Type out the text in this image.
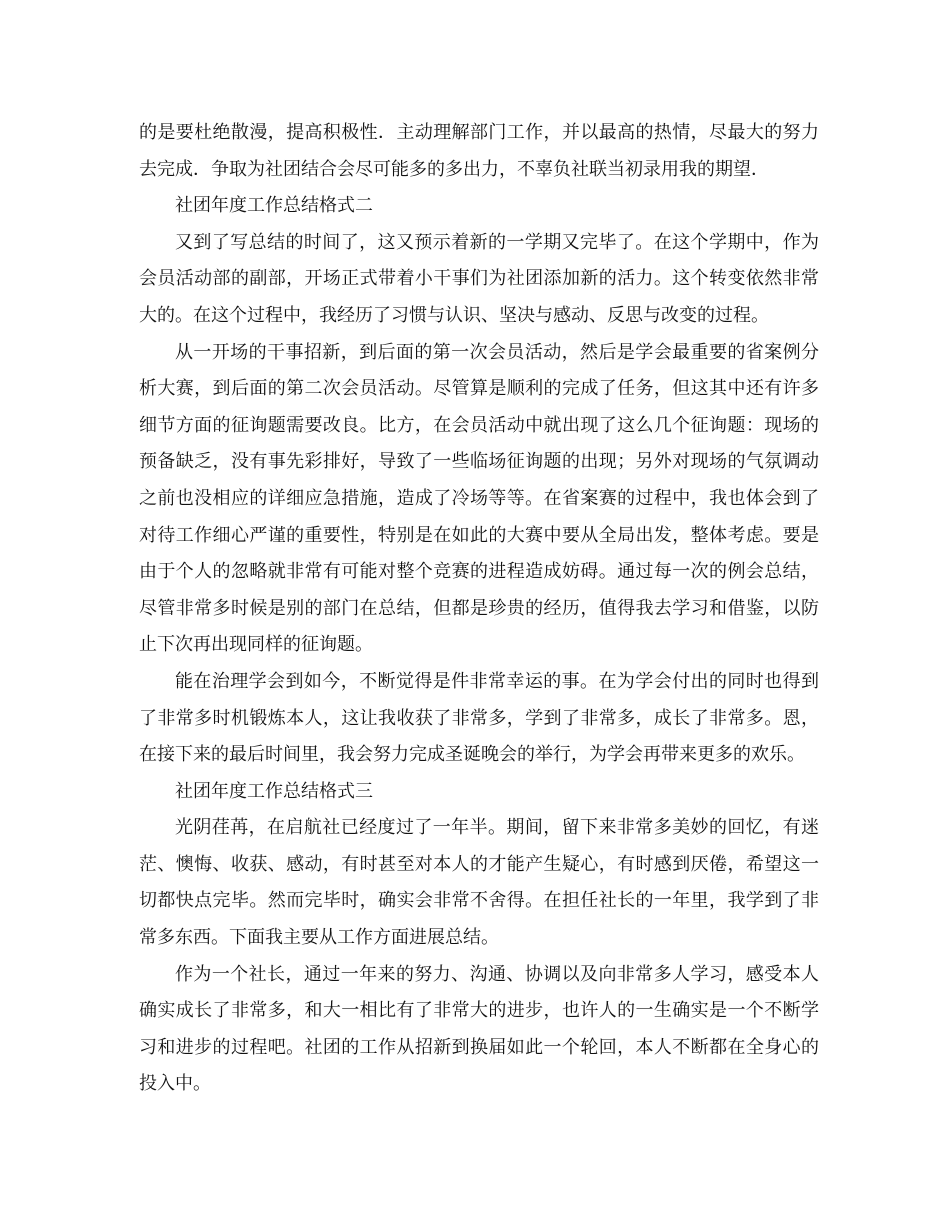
的是要杜绝散漫，提高积极性．主动理解部门工作，并以最高的热情，尽最大的努力去完成．争取为社团结合会尽可能多的多出力，不辜负社联当初录用我的期望．

社团年度工作总结格式二

又到了写总结的时间了，这又预示着新的一学期又完毕了。在这个学期中，作为会员活动部的副部，开场正式带着小干事们为社团添加新的活力。这个转变依然非常大的。在这个过程中，我经历了习惯与认识、坚决与感动、反思与改变的过程。

从一开场的干事招新，到后面的第一次会员活动，然后是学会最重要的省案例分析大赛，到后面的第二次会员活动。尽管算是顺利的完成了任务，但这其中还有许多细节方面的征询题需要改良。比方，在会员活动中就出现了这么几个征询题：现场的预备缺乏，没有事先彩排好，导致了一些临场征询题的出现；另外对现场的气氛调动之前也没相应的详细应急措施，造成了冷场等等。在省案赛的过程中，我也体会到了对待工作细心严谨的重要性，特别是在如此的大赛中要从全局出发，整体考虑。要是由于个人的忽略就非常有可能对整个竞赛的进程造成妨碍。通过每一次的例会总结，尽管非常多时候是别的部门在总结，但都是珍贵的经历，值得我去学习和借鉴，以防止下次再出现同样的征询题。

能在治理学会到如今，不断觉得是件非常幸运的事。在为学会付出的同时也得到了非常多时机锻炼本人，这让我收获了非常多，学到了非常多，成长了非常多。恩，在接下来的最后时间里，我会努力完成圣诞晚会的举行，为学会再带来更多的欢乐。

社团年度工作总结格式三

光阴荏苒，在启航社已经度过了一年半。期间，留下来非常多美妙的回忆，有迷茫、懊悔、收获、感动，有时甚至对本人的才能产生疑心，有时感到厌倦，希望这一切都快点完毕。然而完毕时，确实会非常不舍得。在担任社长的一年里，我学到了非常多东西。下面我主要从工作方面进展总结。

作为一个社长，通过一年来的努力、沟通、协调以及向非常多人学习，感受本人确实成长了非常多，和大一相比有了非常大的进步，也许人的一生确实是一个不断学习和进步的过程吧。社团的工作从招新到换届如此一个轮回，本人不断都在全身心的投入中。
